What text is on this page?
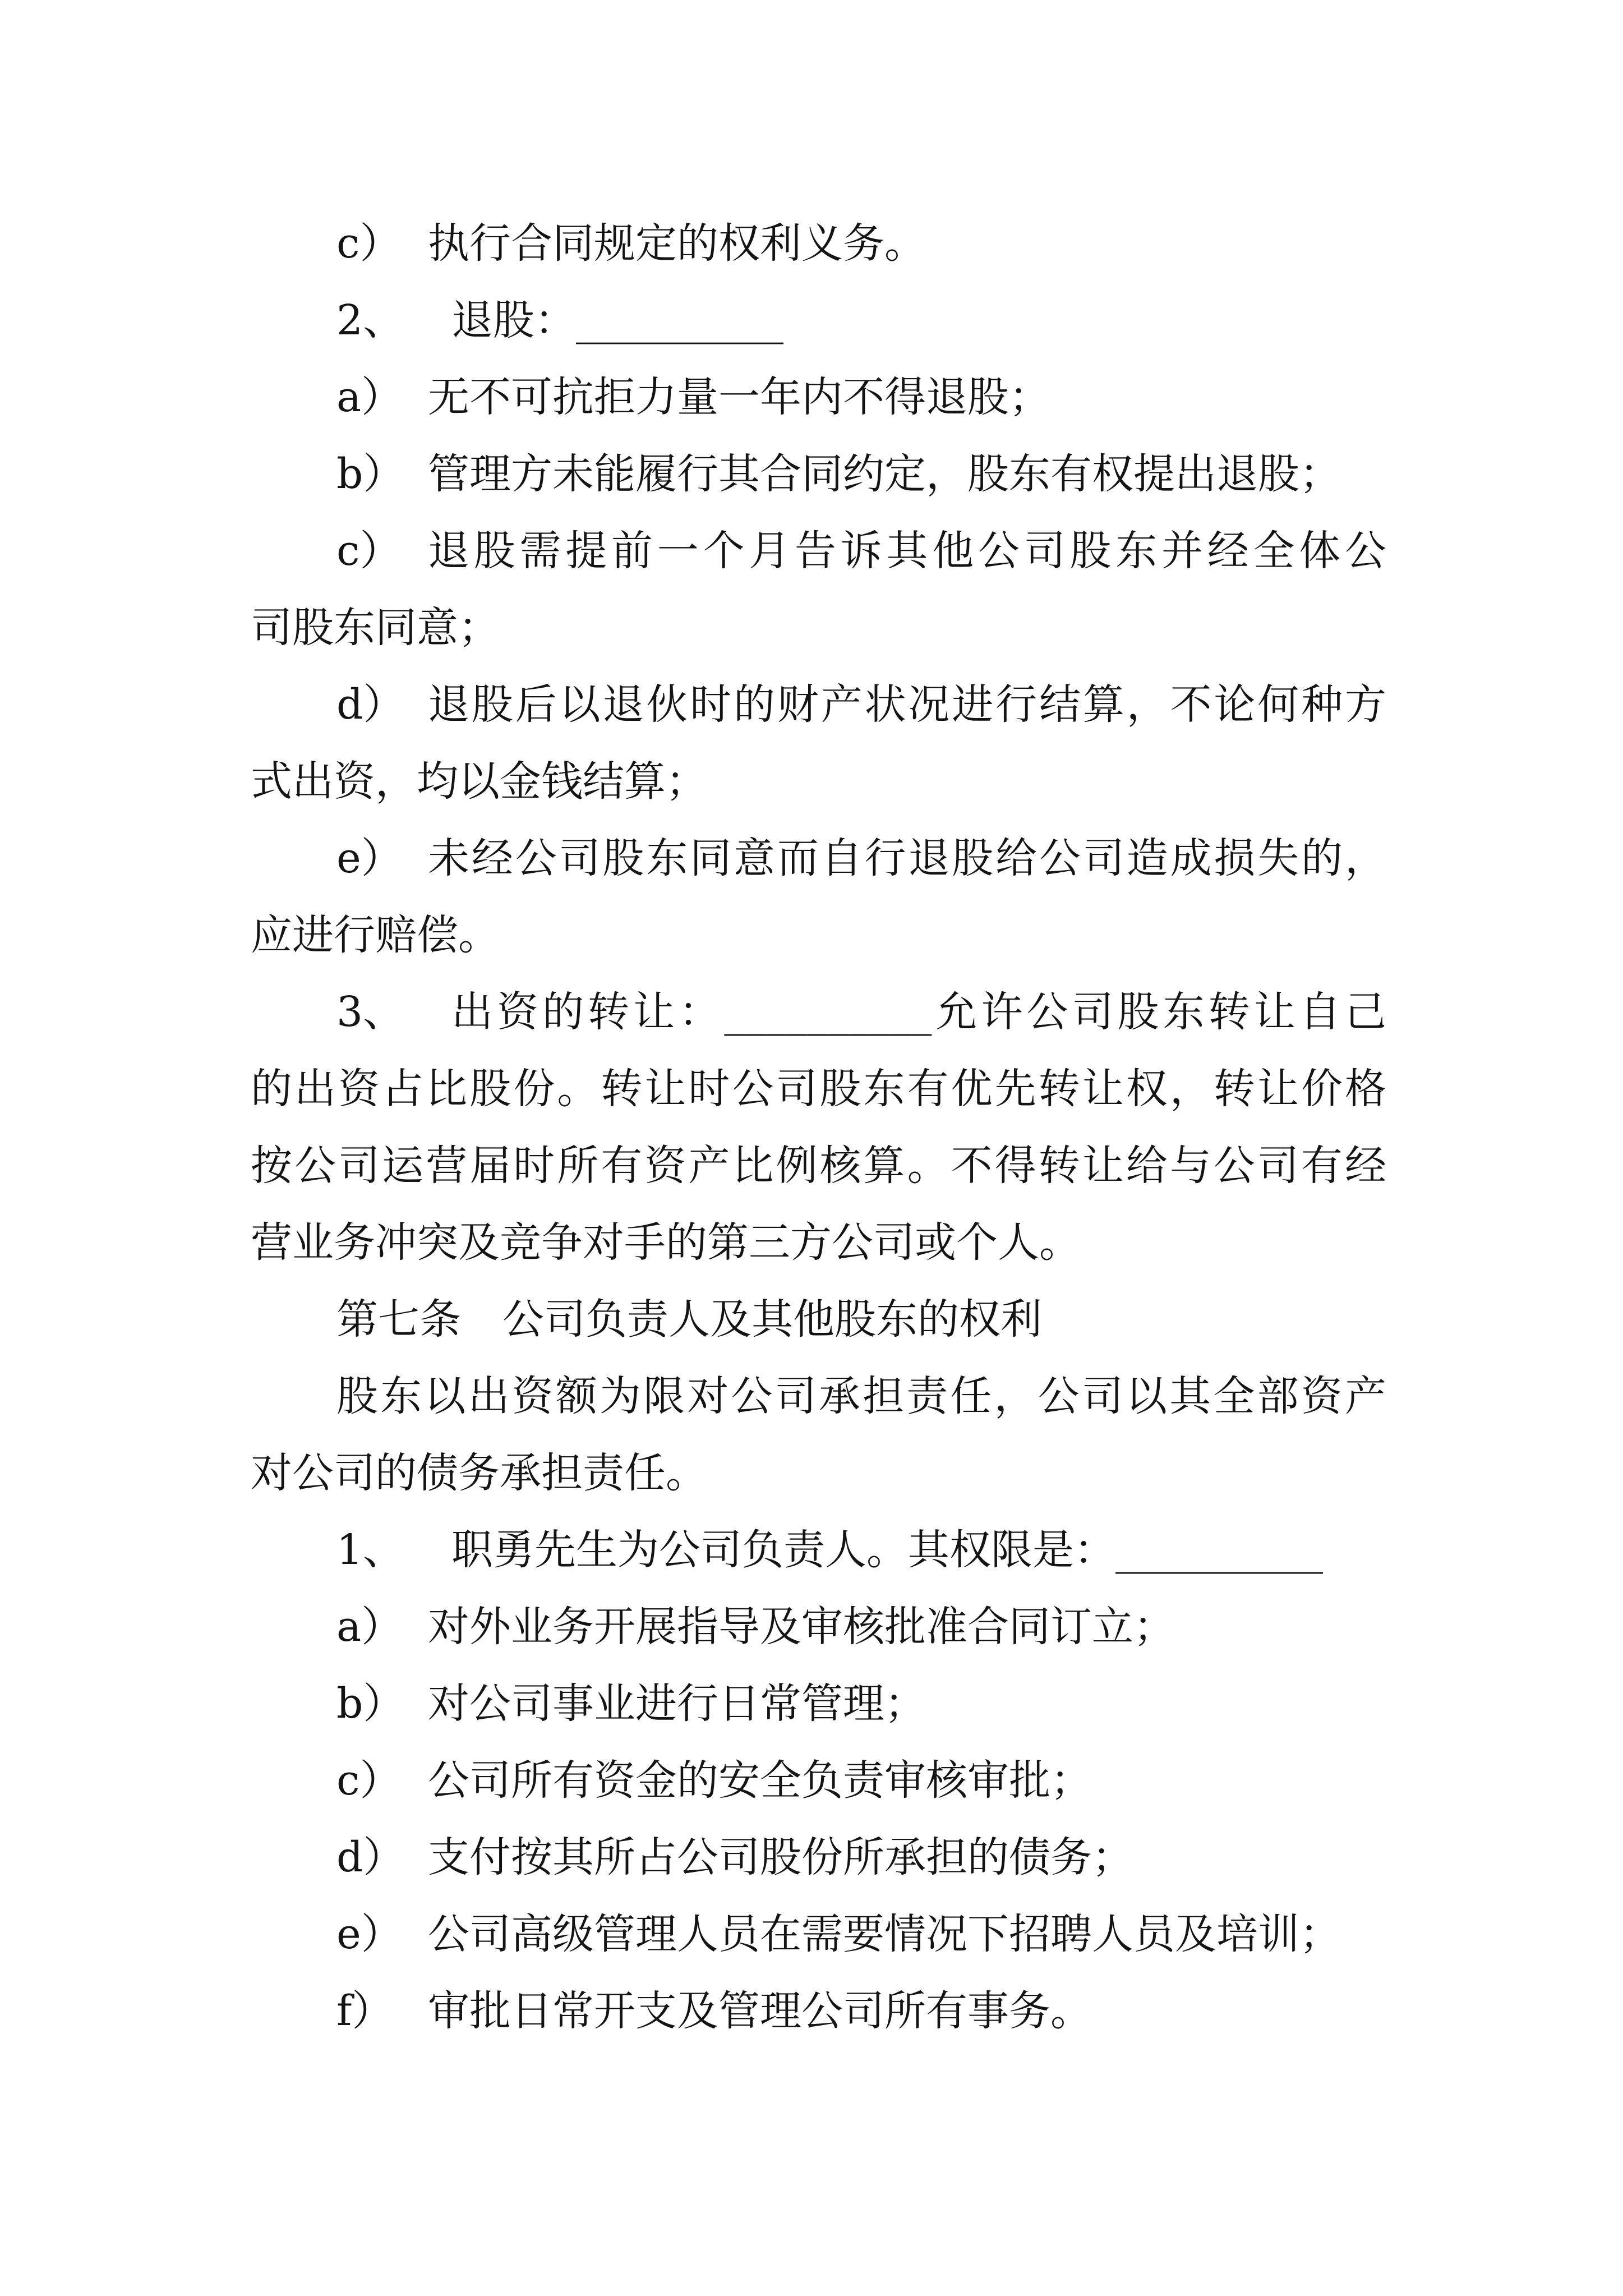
c） 执行合同规定的权利义务。
2、	退股：__________
a） 无不可抗拒力量一年内不得退股；
b） 管理方未能履行其合同约定，股东有权提出退股；
c） 退股需提前一个月告诉其他公司股东并经全体公
司股东同意；
d） 退股后以退伙时的财产状况进行结算，不论何种方
式出资，均以金钱结算；
e） 未经公司股东同意而自行退股给公司造成损失的，
应进行赔偿。
3、	出资的转让：__________允许公司股东转让自己
的出资占比股份。转让时公司股东有优先转让权，转让价格
按公司运营届时所有资产比例核算。不得转让给与公司有经
营业务冲突及竞争对手的第三方公司或个人。
第七条 公司负责人及其他股东的权利
股东以出资额为限对公司承担责任，公司以其全部资产
对公司的债务承担责任。
1、	职勇先生为公司负责人。其权限是：__________
a） 对外业务开展指导及审核批准合同订立；
b） 对公司事业进行日常管理；
c） 公司所有资金的安全负责审核审批；
d） 支付按其所占公司股份所承担的债务；
e） 公司高级管理人员在需要情况下招聘人员及培训；
f） 审批日常开支及管理公司所有事务。
